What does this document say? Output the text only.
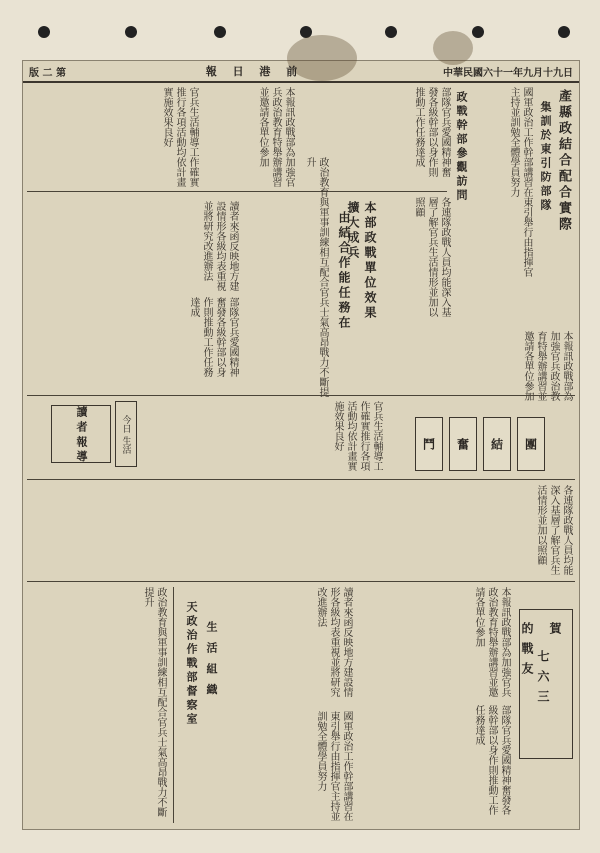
版 二 第	報 日 港 前	中華民國六十一年九月十九日
產縣政結合配合實際
集訓於東引防部隊
國軍政治工作幹部講習在東引舉行由指揮官主持並訓勉全體學員努力
政戰幹部參觀訪問
部隊官兵愛國精神奮發各級幹部以身作則推動工作任務達成
本報訊政戰部為加強官兵政治教育特舉辦講習並邀請各單位參加
官兵生活輔導工作確實推行各項活動均依計畫實施效果良好
本部政戰單位效果擴大成兵
由結合作能任務在	各連隊政戰人員均能深入基層了解官兵生活情形並加以照顧
政治教育與軍事訓練相互配合官兵士氣高昂戰力不斷提升
讀者來函反映地方建設情形各級均表重視並將研究改進辦法
部隊官兵愛國精神奮發各級幹部以身作則推動工作任務達成
本報訊政戰部為加強官兵政治教育特舉辦講習並邀請各單位參加
讀 者 報 導	今日 生活	官兵生活輔導工作確實推行各項活動均依計畫實施效果良好	鬥 奮 結 團
各連隊政戰人員均能深入基層了解官兵生活情形並加以照顧
政治教育與軍事訓練相互配合官兵士氣高昂戰力不斷提升
天政治作戰部督察室 生 活 組 織	讀者來函反映地方建設情形各級均表重視並將研究改進辦法
國軍政治工作幹部講習在東引舉行由指揮官主持並訓勉全體學員努力
本報訊政戰部為加強官兵政治教育特舉辦講習並邀請各單位參加
部隊官兵愛國精神奮發各級幹部以身作則推動工作任務達成
賀
七六三
的戰友
